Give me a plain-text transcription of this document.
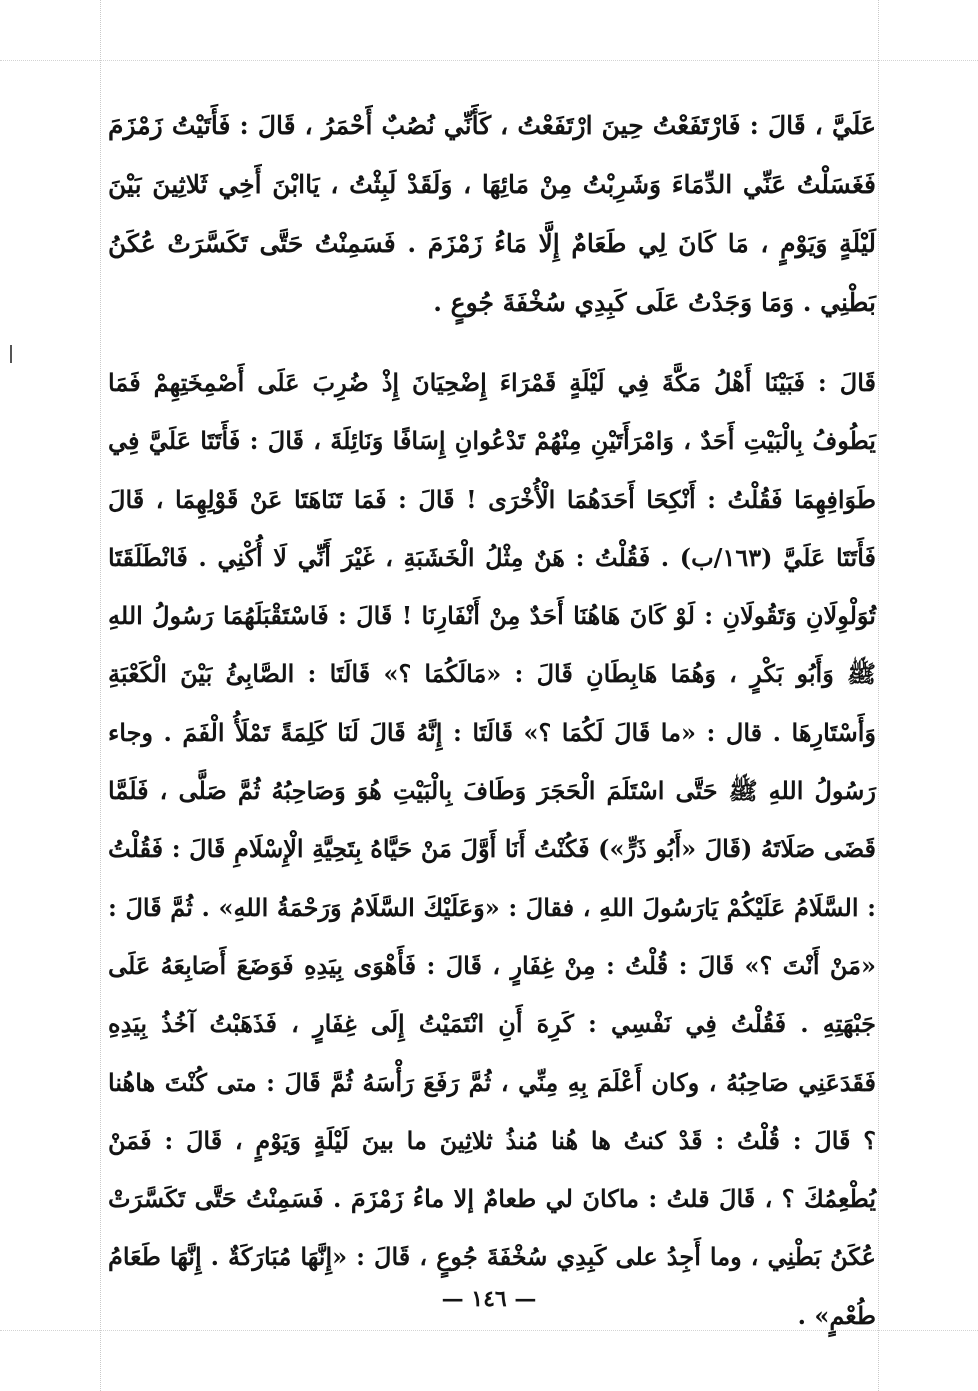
عَلَيَّ ، قَالَ : فَارْتَفَعْتُ حِينَ ارْتَفَعْتُ ، كَأَنِّي نُصُبٌ أَحْمَرُ ، قَالَ : فَأَتَيْتُ زَمْزَمَ فَغَسَلْتُ عَنِّي الدِّمَاءَ وَشَرِبْتُ مِنْ مَائِهَا ، وَلَقَدْ لَبِثْتُ ، يَاابْنَ أَخِي ثَلاثِينَ بَيْنَ لَيْلَةٍ وَيَوْمٍ ، مَا كَانَ لِي طَعَامٌ إِلَّا مَاءُ زَمْزَمَ . فَسَمِنْتُ حَتَّى تَكَسَّرَتْ عُكَنُ بَطْنِي . وَمَا وَجَدْتُ عَلَى كَبِدِي سُخْفَةَ جُوعٍ .

قَالَ : فَبَيْنَا أَهْلُ مَكَّةَ فِي لَيْلَةٍ قَمْرَاءَ إِضْحِيَانَ إِذْ ضُرِبَ عَلَى أَصْمِخَتِهِمْ فَمَا يَطُوفُ بِالْبَيْتِ أَحَدٌ ، وَامْرَأَتَيْنِ مِنْهُمْ تَدْعُوانِ إِسَافًا وَنَائِلَةَ ، قَالَ : فَأَتَتَا عَلَيَّ فِي طَوَافِهِمَا فَقُلْتُ : أَنْكِحَا أَحَدَهُمَا الْأُخْرَى ! قَالَ : فَمَا تَنَاهَتَا عَنْ قَوْلِهِمَا ، قَالَ فَأَتَتَا عَلَيَّ (١٦٣/ب) . فَقُلْتُ : هَنٌ مِثْلُ الْخَشَبَةِ ، غَيْرَ أَنِّي لَا أُكْنِي . فَانْطَلَقَتَا تُوَلْوِلَانِ وَتَقُولَانِ : لَوْ كَانَ هَاهُنَا أَحَدٌ مِنْ أَنْفَارِنَا ! قَالَ : فَاسْتَقْبَلَهُمَا رَسُولُ اللهِ ﷺ وَأَبُو بَكْرٍ ، وَهُمَا هَابِطَانِ قَالَ : «مَالَكُمَا ؟» قَالَتَا : الصَّابِئُ بَيْنَ الْكَعْبَةِ وَأَسْتَارِهَا . قال : «ما قَالَ لَكُمَا ؟» قَالَتَا : إِنَّهُ قَالَ لَنَا كَلِمَةً تَمْلَأُ الْفَمَ . وجاء رَسُولُ اللهِ ﷺ حَتَّى اسْتَلَمَ الْحَجَرَ وَطَافَ بِالْبَيْتِ هُوَ وَصَاحِبُهُ ثُمَّ صَلَّى ، فَلَمَّا قَضَى صَلَاتَهُ (قَالَ «أَبُو ذَرٍّ») فَكُنْتُ أَنَا أَوَّلَ مَنْ حَيَّاهُ بِتَحِيَّةِ الْإِسْلَامِ قَالَ : فَقُلْتُ : السَّلَامُ عَلَيْكُمْ يَارَسُولَ اللهِ ، فقالَ : «وَعَلَيْكَ السَّلَامُ وَرَحْمَةُ اللهِ» . ثُمَّ قَالَ : «مَنْ أَنْتَ ؟» قَالَ : قُلْتُ : مِنْ غِفَارٍ ، قَالَ : فَأَهْوَى بِيَدِهِ فَوَضَعَ أَصَابِعَهُ عَلَى جَبْهَتِهِ . فَقُلْتُ فِي نَفْسِي : كَرِهَ أَنِ انْتَمَيْتُ إِلَى غِفَارٍ ، فَذَهَبْتُ آخُذُ بِيَدِهِ فَقَدَعَنِي صَاحِبُهُ ، وكان أَعْلَمَ بِهِ مِنِّي ، ثُمَّ رَفَعَ رَأْسَهُ ثُمَّ قَالَ : متى كُنْتَ هاهُنا ؟ قَالَ : قُلْتُ : قَدْ كنتُ ها هُنا مُنذُ ثلاثِينَ ما بينَ لَيْلَةٍ وَيَوْمٍ ، قَالَ : فَمَنْ يُطْعِمُكَ ؟ ، قَالَ قلتُ : ماكانَ لي طعامٌ إلا ماءُ زَمْزَمَ . فَسَمِنْتُ حَتَّى تَكَسَّرَتْ عُكَنُ بَطْنِي ، وما أَجِدُ على كَبِدِي سُخْفَةَ جُوعٍ ، قَالَ : «إِنَّهَا مُبَارَكَةٌ . إِنَّهَا طَعَامُ طُعْمٍ» .

— ١٤٦ —
